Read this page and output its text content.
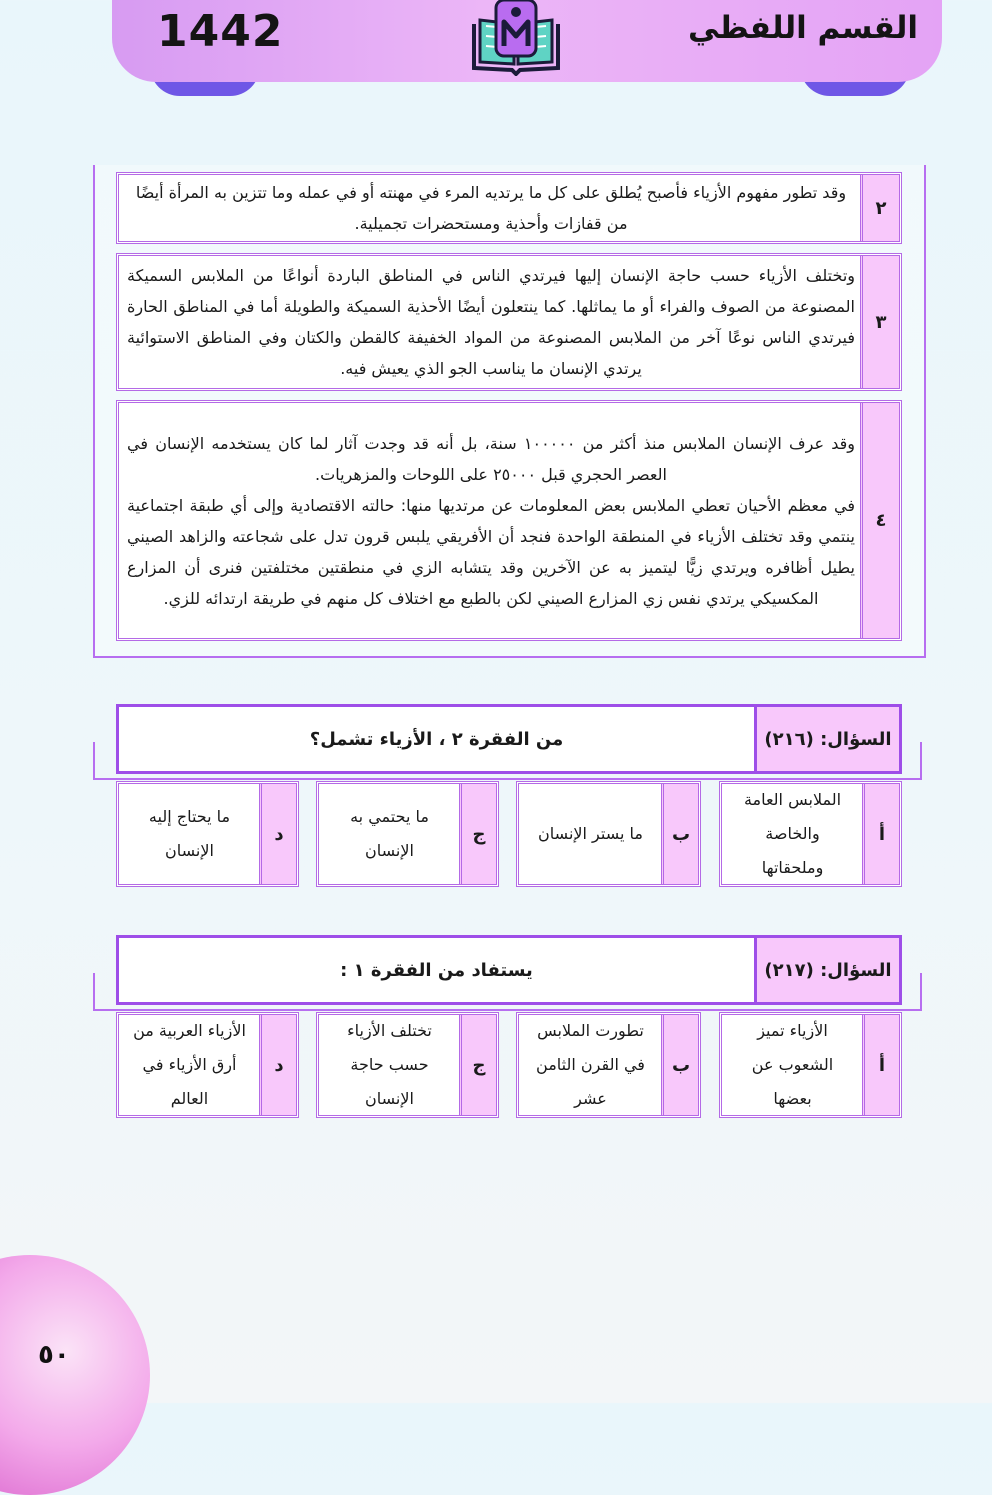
1442	القسم اللفظي
٢
وقد تطور مفهوم الأزياء فأصبح يُطلق على كل ما يرتديه المرء في مهنته أو في عمله وما تتزين به المرأة أيضًا من قفازات وأحذية ومستحضرات تجميلية.
٣
وتختلف الأزياء حسب حاجة الإنسان إليها فيرتدي الناس في المناطق الباردة أنواعًا من الملابس السميكة المصنوعة من الصوف والفراء أو ما يماثلها. كما ينتعلون أيضًا الأحذية السميكة والطويلة أما في المناطق الحارة فيرتدي الناس نوعًا آخر من الملابس المصنوعة من المواد الخفيفة كالقطن والكتان وفي المناطق الاستوائية يرتدي الإنسان ما يناسب الجو الذي يعيش فيه.
٤
وقد عرف الإنسان الملابس منذ أكثر من ١٠٠٠٠٠ سنة، بل أنه قد وجدت آثار لما كان يستخدمه الإنسان في العصر الحجري قبل ٢٥٠٠٠ على اللوحات والمزهريات.
في معظم الأحيان تعطي الملابس بعض المعلومات عن مرتديها منها: حالته الاقتصادية وإلى أي طبقة اجتماعية ينتمي وقد تختلف الأزياء في المنطقة الواحدة فنجد أن الأفريقي يلبس قرون تدل على شجاعته والزاهد الصيني يطيل أظافره ويرتدي زيًّا ليتميز به عن الآخرين وقد يتشابه الزي في منطقتين مختلفتين فنرى أن المزارع المكسيكي يرتدي نفس زي المزارع الصيني لكن بالطبع مع اختلاف كل منهم في طريقة ارتدائه للزي.
السؤال: (٢١٦)
من الفقرة ٢ ، الأزياء تشمل؟
أ
الملابس العامة والخاصة وملحقاتها
ب
ما يستر الإنسان
ج
ما يحتمي به الإنسان
د
ما يحتاج إليه الإنسان
السؤال: (٢١٧)
يستفاد من الفقرة ١ :
أ
الأزياء تميز الشعوب عن بعضها
ب
تطورت الملابس في القرن الثامن عشر
ج
تختلف الأزياء حسب حاجة الإنسان
د
الأزياء العربية من أرق الأزياء في العالم
٥٠
